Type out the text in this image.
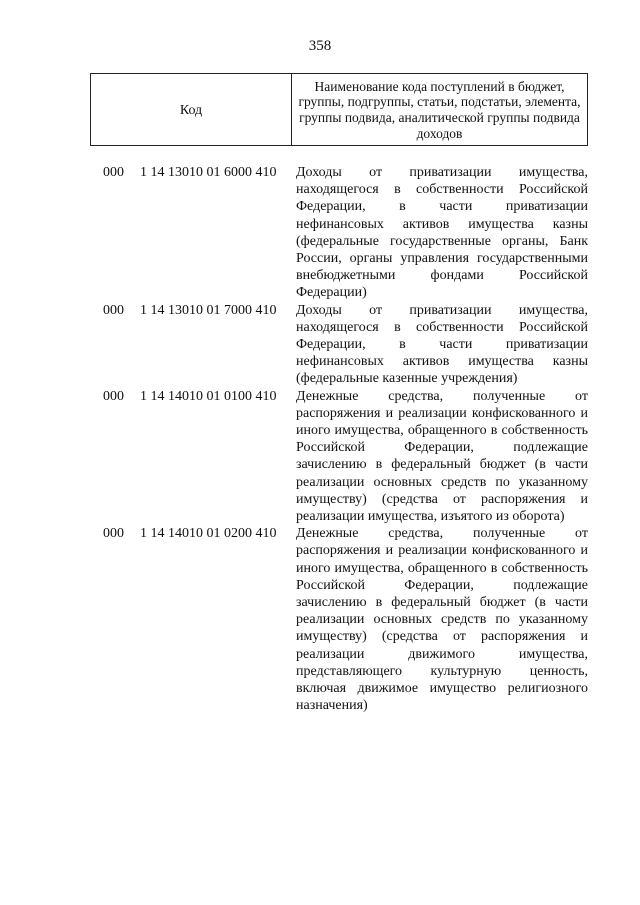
358
Код
Наименование кода поступлений в бюджет, группы, подгруппы, статьи, подстатьи, элемента, группы подвида, аналитической группы подвида доходов
000 1 14 13010 01 6000 410 Доходы от приватизации имущества, находящегося в собственности Российской Федерации, в части приватизации нефинансовых активов имущества казны (федеральные государственные органы, Банк России, органы управления государственными внебюджетными фондами Российской Федерации)
000 1 14 13010 01 7000 410 Доходы от приватизации имущества, находящегося в собственности Российской Федерации, в части приватизации нефинансовых активов имущества казны (федеральные казенные учреждения)
000 1 14 14010 01 0100 410 Денежные средства, полученные от распоряжения и реализации конфискованного и иного имущества, обращенного в собственность Российской Федерации, подлежащие зачислению в федеральный бюджет (в части реализации основных средств по указанному имуществу) (средства от распоряжения и реализации имущества, изъятого из оборота)
000 1 14 14010 01 0200 410 Денежные средства, полученные от распоряжения и реализации конфискованного и иного имущества, обращенного в собственность Российской Федерации, подлежащие зачислению в федеральный бюджет (в части реализации основных средств по указанному имуществу) (средства от распоряжения и реализации движимого имущества, представляющего культурную ценность, включая движимое имущество религиозного назначения)
